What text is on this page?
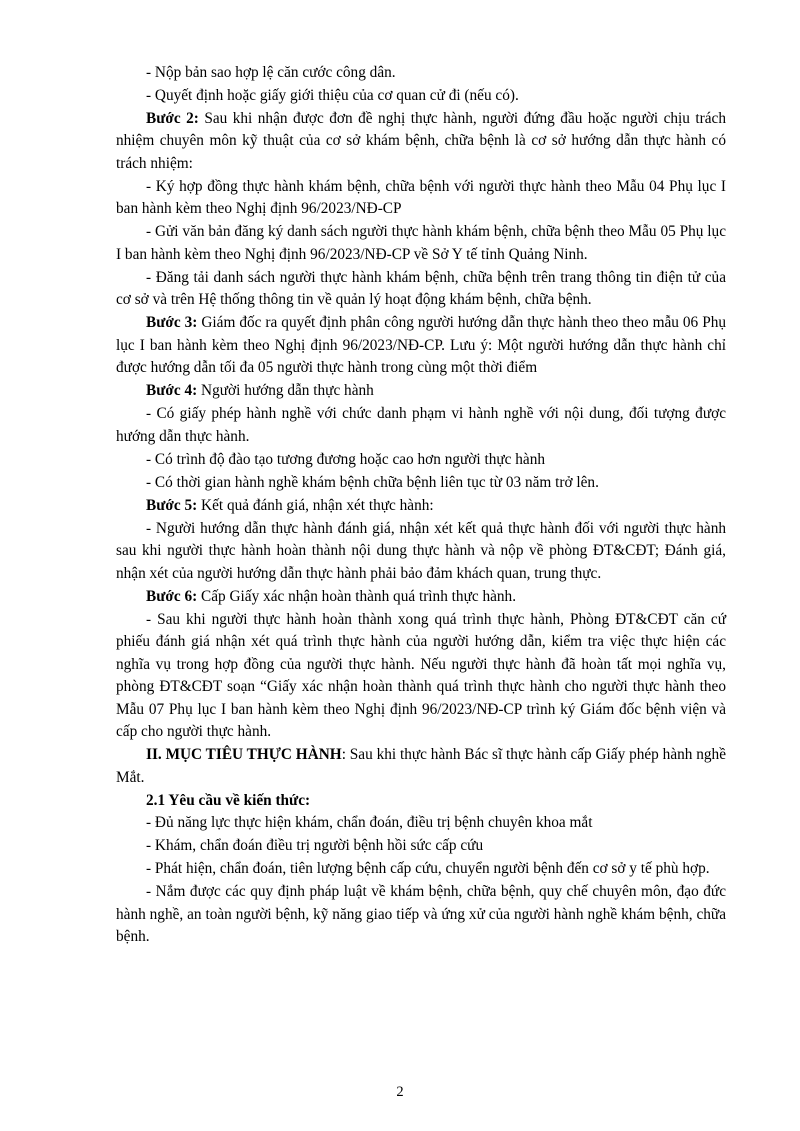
- Nộp bản sao hợp lệ căn cước công dân.

- Quyết định hoặc giấy giới thiệu của cơ quan cử đi (nếu có).

Bước 2: Sau khi nhận được đơn đề nghị thực hành, người đứng đầu hoặc người chịu trách nhiệm chuyên môn kỹ thuật của cơ sở khám bệnh, chữa bệnh là cơ sở hướng dẫn thực hành có trách nhiệm:

- Ký hợp đồng thực hành khám bệnh, chữa bệnh với người thực hành theo Mẫu 04 Phụ lục I ban hành kèm theo Nghị định 96/2023/NĐ-CP

- Gửi văn bản đăng ký danh sách người thực hành khám bệnh, chữa bệnh theo Mẫu 05 Phụ lục I ban hành kèm theo Nghị định 96/2023/NĐ-CP về Sở Y tế tỉnh Quảng Ninh.

- Đăng tải danh sách người thực hành khám bệnh, chữa bệnh trên trang thông tin điện tử của cơ sở và trên Hệ thống thông tin về quản lý hoạt động khám bệnh, chữa bệnh.

Bước 3: Giám đốc ra quyết định phân công người hướng dẫn thực hành theo theo mẫu 06 Phụ lục I ban hành kèm theo Nghị định 96/2023/NĐ-CP. Lưu ý: Một người hướng dẫn thực hành chỉ được hướng dẫn tối đa 05 người thực hành trong cùng một thời điểm

Bước 4: Người hướng dẫn thực hành

- Có giấy phép hành nghề với chức danh phạm vi hành nghề với nội dung, đối tượng được hướng dẫn thực hành.

- Có trình độ đào tạo tương đương hoặc cao hơn người thực hành

- Có thời gian hành nghề khám bệnh chữa bệnh liên tục từ 03 năm trở lên.

Bước 5: Kết quả đánh giá, nhận xét thực hành:

- Người hướng dẫn thực hành đánh giá, nhận xét kết quả thực hành đối với người thực hành sau khi người thực hành hoàn thành nội dung thực hành và nộp về phòng ĐT&CĐT; Đánh giá, nhận xét của người hướng dẫn thực hành phải bảo đảm khách quan, trung thực.

Bước 6: Cấp Giấy xác nhận hoàn thành quá trình thực hành.

- Sau khi người thực hành hoàn thành xong quá trình thực hành, Phòng ĐT&CĐT căn cứ phiếu đánh giá nhận xét quá trình thực hành của người hướng dẫn, kiểm tra việc thực hiện các nghĩa vụ trong hợp đồng của người thực hành. Nếu người thực hành đã hoàn tất mọi nghĩa vụ, phòng ĐT&CĐT soạn “Giấy xác nhận hoàn thành quá trình thực hành cho người thực hành theo Mẫu 07 Phụ lục I ban hành kèm theo Nghị định 96/2023/NĐ-CP trình ký Giám đốc bệnh viện và cấp cho người thực hành.

II. MỤC TIÊU THỰC HÀNH: Sau khi thực hành Bác sĩ thực hành cấp Giấy phép hành nghề Mắt.

2.1 Yêu cầu về kiến thức:

- Đủ năng lực thực hiện khám, chẩn đoán, điều trị bệnh chuyên khoa mắt

- Khám, chẩn đoán điều trị người bệnh hồi sức cấp cứu

- Phát hiện, chẩn đoán, tiên lượng bệnh cấp cứu, chuyển người bệnh đến cơ sở y tế phù hợp.

- Nắm được các quy định pháp luật về khám bệnh, chữa bệnh, quy chế chuyên môn, đạo đức hành nghề, an toàn người bệnh, kỹ năng giao tiếp và ứng xử của người hành nghề khám bệnh, chữa bệnh.

2
